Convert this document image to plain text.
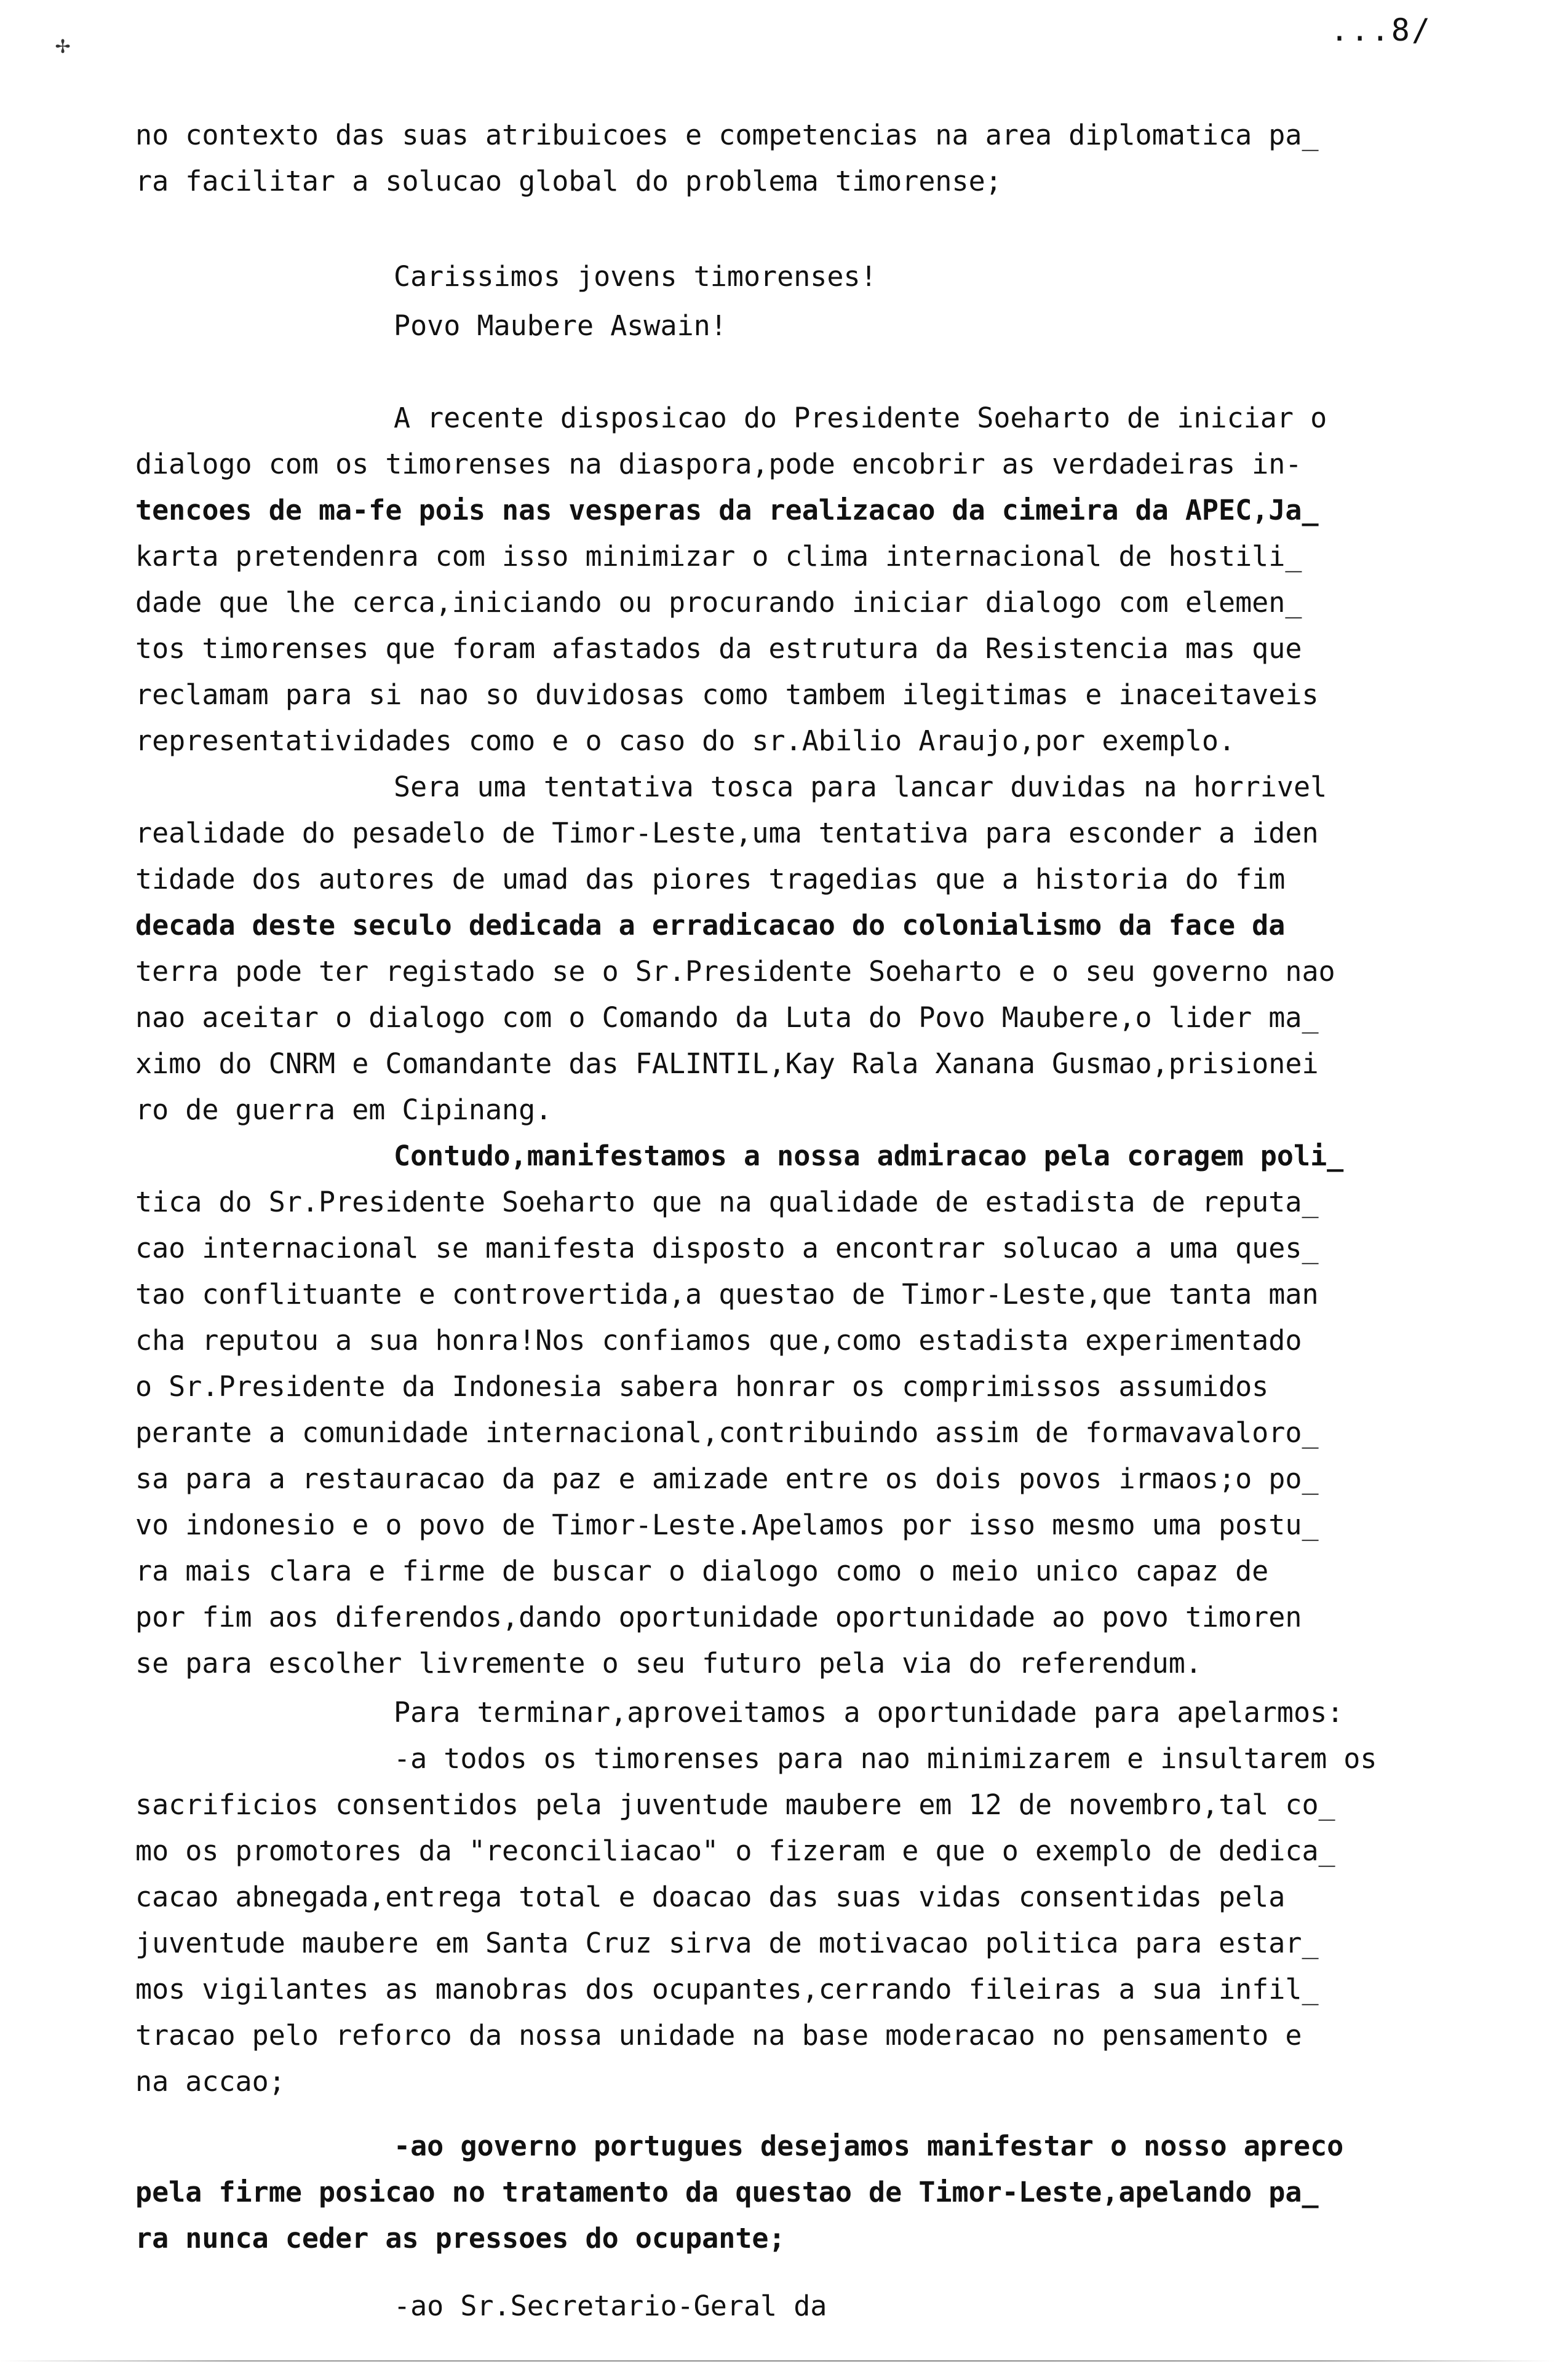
...8/
✢
no contexto das suas atribuicoes e competencias na area diplomatica pa_
ra facilitar a solucao global do problema timorense;
Carissimos jovens timorenses!
Povo Maubere Aswain!
A recente disposicao do Presidente Soeharto de iniciar o
dialogo com os timorenses na diaspora,pode encobrir as verdadeiras in-
tencoes de ma-fe pois nas vesperas da realizacao da cimeira da APEC,Ja_
karta pretendenra com isso minimizar o clima internacional de hostili_
dade que lhe cerca,iniciando ou procurando iniciar dialogo com elemen_
tos timorenses que foram afastados da estrutura da Resistencia mas que
reclamam para si nao so duvidosas como tambem ilegitimas e inaceitaveis
representatividades como e o caso do sr.Abilio Araujo,por exemplo.
Sera uma tentativa tosca para lancar duvidas na horrivel
realidade do pesadelo de Timor-Leste,uma tentativa para esconder a iden
tidade dos autores de umad das piores tragedias que a historia do fim
decada deste seculo dedicada a erradicacao do colonialismo da face da
terra pode ter registado se o Sr.Presidente Soeharto e o seu governo nao
nao aceitar o dialogo com o Comando da Luta do Povo Maubere,o lider ma_
ximo do CNRM e Comandante das FALINTIL,Kay Rala Xanana Gusmao,prisionei
ro de guerra em Cipinang.
Contudo,manifestamos a nossa admiracao pela coragem poli_
tica do Sr.Presidente Soeharto que na qualidade de estadista de reputa_
cao internacional se manifesta disposto a encontrar solucao a uma ques_
tao conflituante e controvertida,a questao de Timor-Leste,que tanta man
cha reputou a sua honra!Nos confiamos que,como estadista experimentado
o Sr.Presidente da Indonesia sabera honrar os comprimissos assumidos
perante a comunidade internacional,contribuindo assim de formavavaloro_
sa para a restauracao da paz e amizade entre os dois povos irmaos;o po_
vo indonesio e o povo de Timor-Leste.Apelamos por isso mesmo uma postu_
ra mais clara e firme de buscar o dialogo como o meio unico capaz de
por fim aos diferendos,dando oportunidade oportunidade ao povo timoren
se para escolher livremente o seu futuro pela via do referendum.
Para terminar,aproveitamos a oportunidade para apelarmos:
-a todos os timorenses para nao minimizarem e insultarem os
sacrificios consentidos pela juventude maubere em 12 de novembro,tal co_
mo os promotores da "reconciliacao" o fizeram e que o exemplo de dedica_
cacao abnegada,entrega total e doacao das suas vidas consentidas pela
juventude maubere em Santa Cruz sirva de motivacao politica para estar_
mos vigilantes as manobras dos ocupantes,cerrando fileiras a sua infil_
tracao pelo reforco da nossa unidade na base moderacao no pensamento e
na accao;
-ao governo portugues desejamos manifestar o nosso apreco
pela firme posicao no tratamento da questao de Timor-Leste,apelando pa_
ra nunca ceder as pressoes do ocupante;
-ao Sr.Secretario-Geral da
